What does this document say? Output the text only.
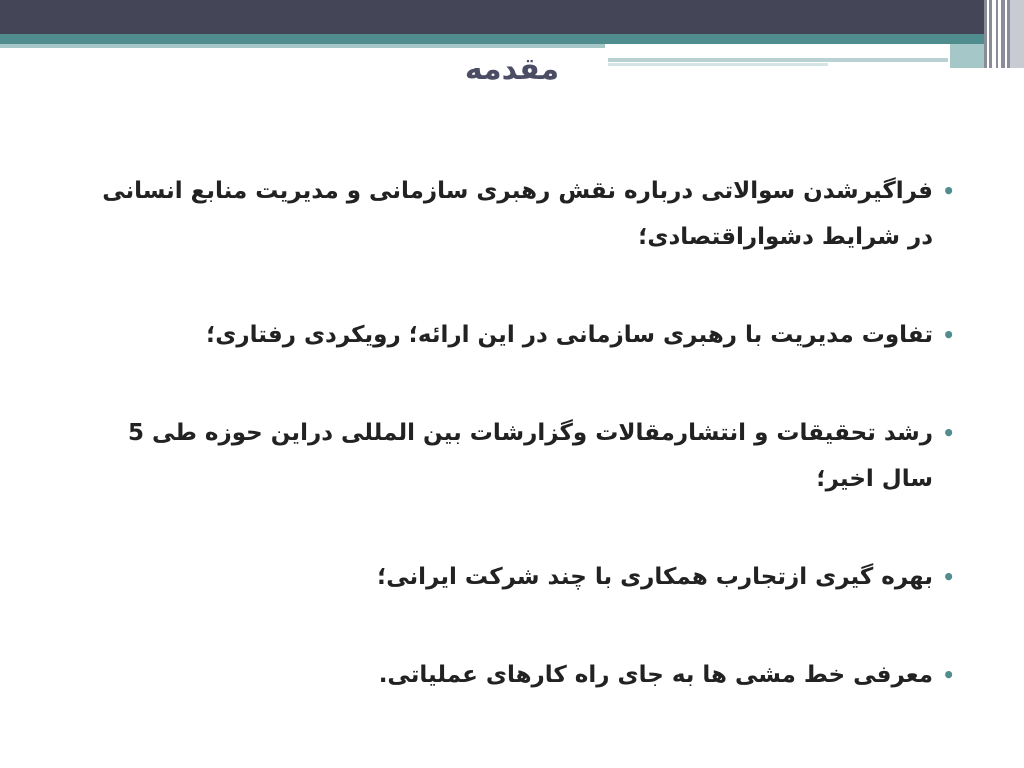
مقدمه
•
فراگیرشدن سوالاتی درباره نقش رهبری سازمانی و مدیریت منابع انسانی در شرایط دشواراقتصادی؛
•
تفاوت مدیریت با رهبری سازمانی در این ارائه؛ رویکردی رفتاری؛
•
رشد تحقیقات و انتشارمقالات وگزارشات بین المللی دراین حوزه طی 5 سال اخیر؛
•
بهره گیری ازتجارب همکاری با چند شرکت ایرانی؛
•
معرفی خط مشی ها به جای راه کارهای عملیاتی.
